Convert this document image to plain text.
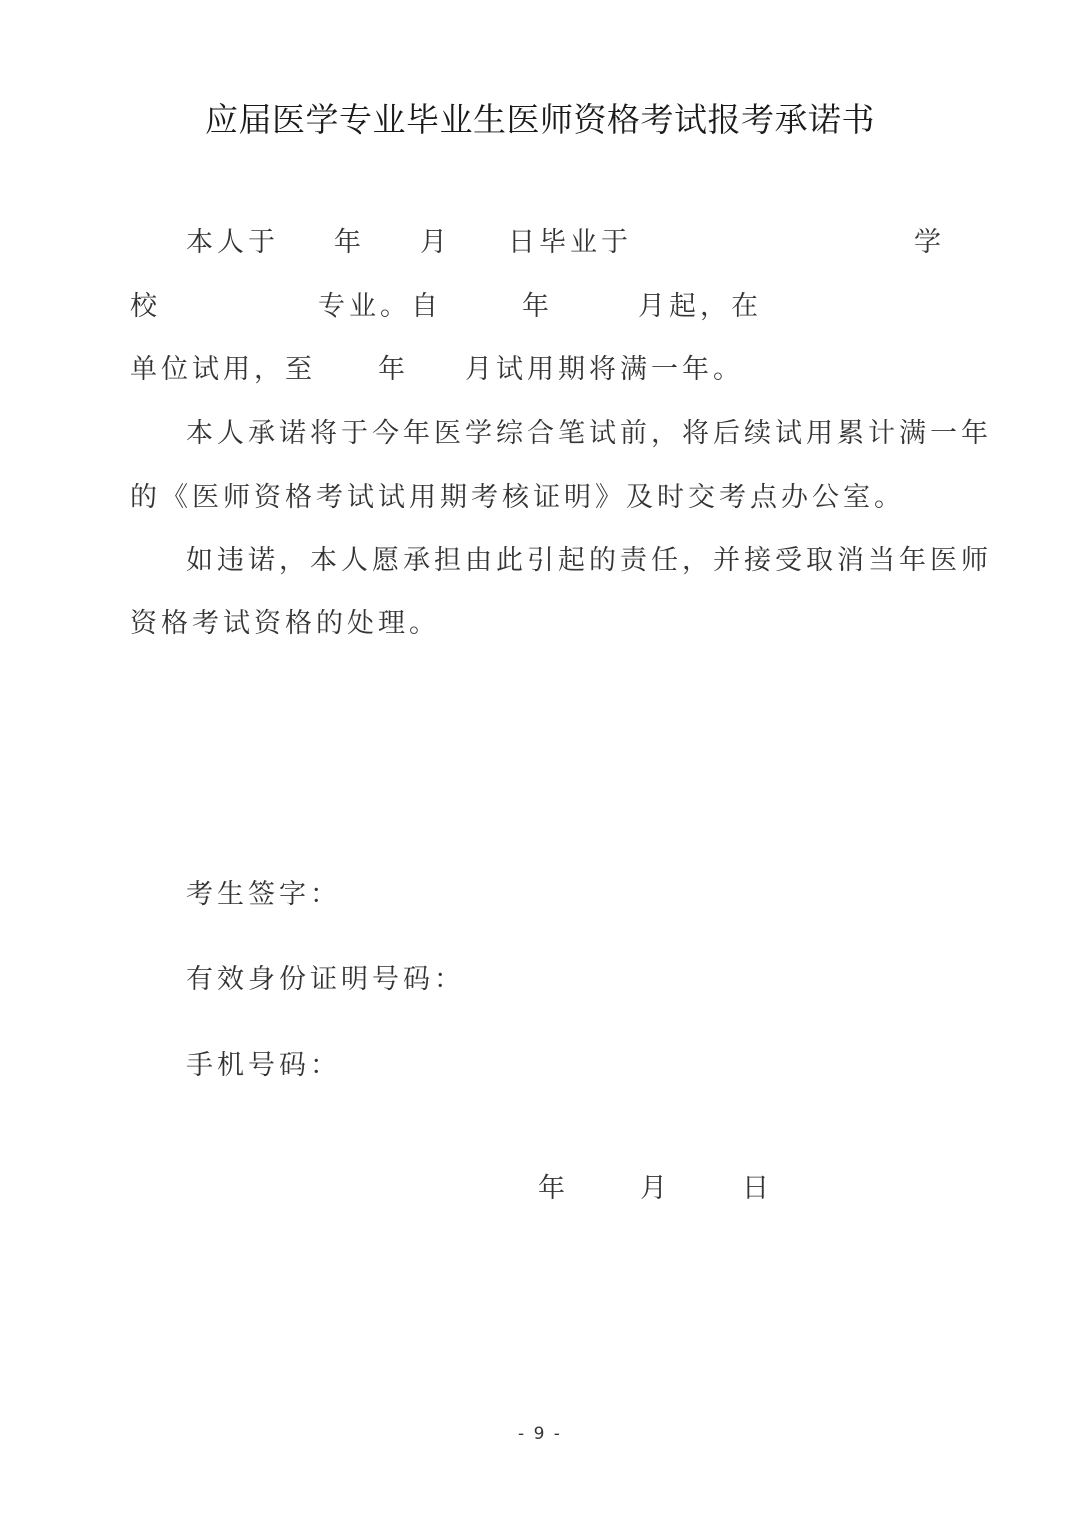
应届医学专业毕业生医师资格考试报考承诺书
本人于 年 月 日毕业于	学
校	专业。自	年	月起，在
单位试用，至 年 月试用期将满一年。
本人承诺将于今年医学综合笔试前，将后续试用累计满一年
的《医师资格考试试用期考核证明》及时交考点办公室。
如违诺，本人愿承担由此引起的责任，并接受取消当年医师
资格考试资格的处理。
考生签字：
有效身份证明号码：
手机号码：
年	月	日
- 9 -
